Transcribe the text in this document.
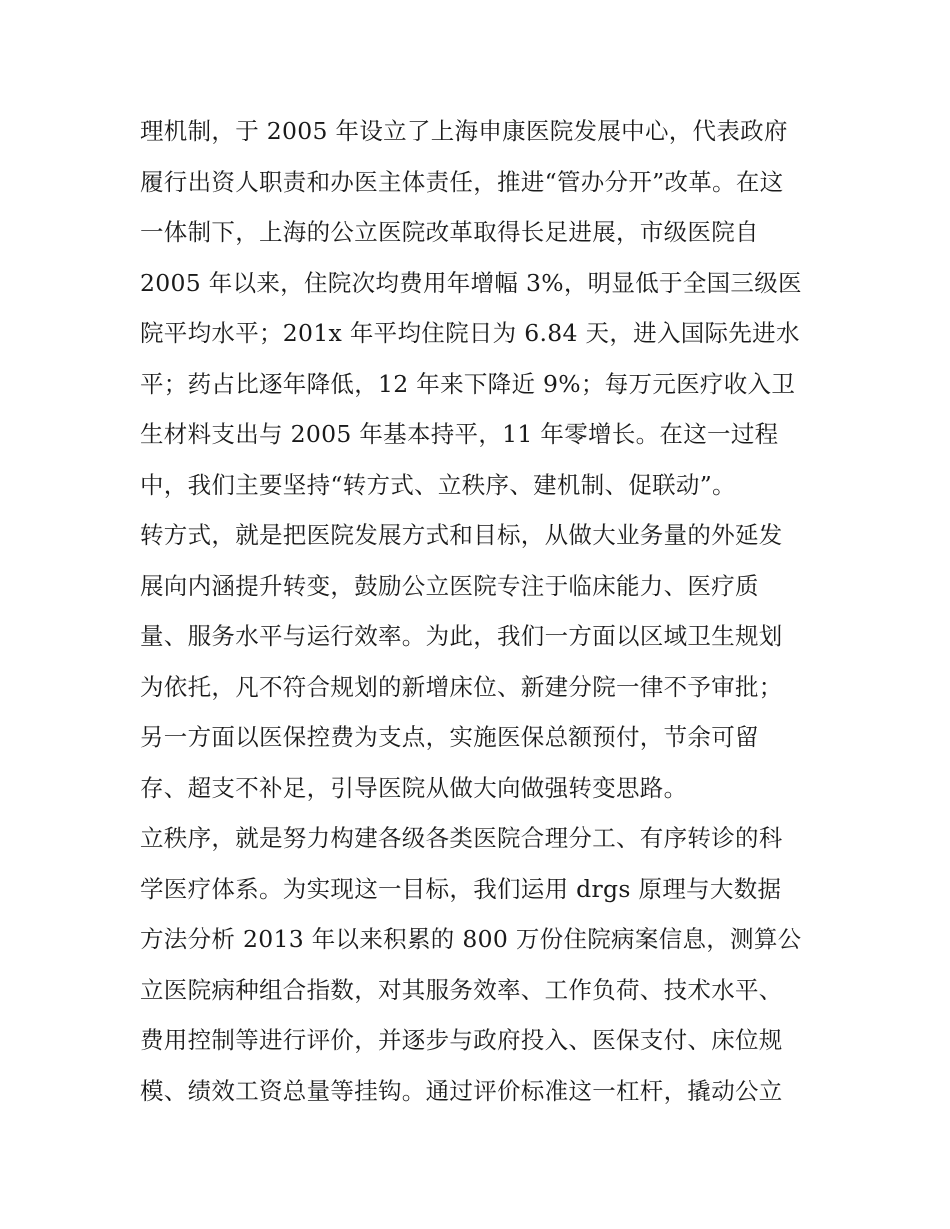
理机制，于 2005 年设立了上海申康医院发展中心，代表政府
履行出资人职责和办医主体责任，推进“管办分开”改革。在这
一体制下，上海的公立医院改革取得长足进展，市级医院自
2005 年以来，住院次均费用年增幅 3%，明显低于全国三级医
院平均水平；201x 年平均住院日为 6.84 天，进入国际先进水
平；药占比逐年降低，12 年来下降近 9%；每万元医疗收入卫
生材料支出与 2005 年基本持平，11 年零增长。在这一过程
中，我们主要坚持“转方式、立秩序、建机制、促联动”。
转方式，就是把医院发展方式和目标，从做大业务量的外延发
展向内涵提升转变，鼓励公立医院专注于临床能力、医疗质
量、服务水平与运行效率。为此，我们一方面以区域卫生规划
为依托，凡不符合规划的新增床位、新建分院一律不予审批；
另一方面以医保控费为支点，实施医保总额预付，节余可留
存、超支不补足，引导医院从做大向做强转变思路。
立秩序，就是努力构建各级各类医院合理分工、有序转诊的科
学医疗体系。为实现这一目标，我们运用 drgs 原理与大数据
方法分析 2013 年以来积累的 800 万份住院病案信息，测算公
立医院病种组合指数，对其服务效率、工作负荷、技术水平、
费用控制等进行评价，并逐步与政府投入、医保支付、床位规
模、绩效工资总量等挂钩。通过评价标准这一杠杆，撬动公立
